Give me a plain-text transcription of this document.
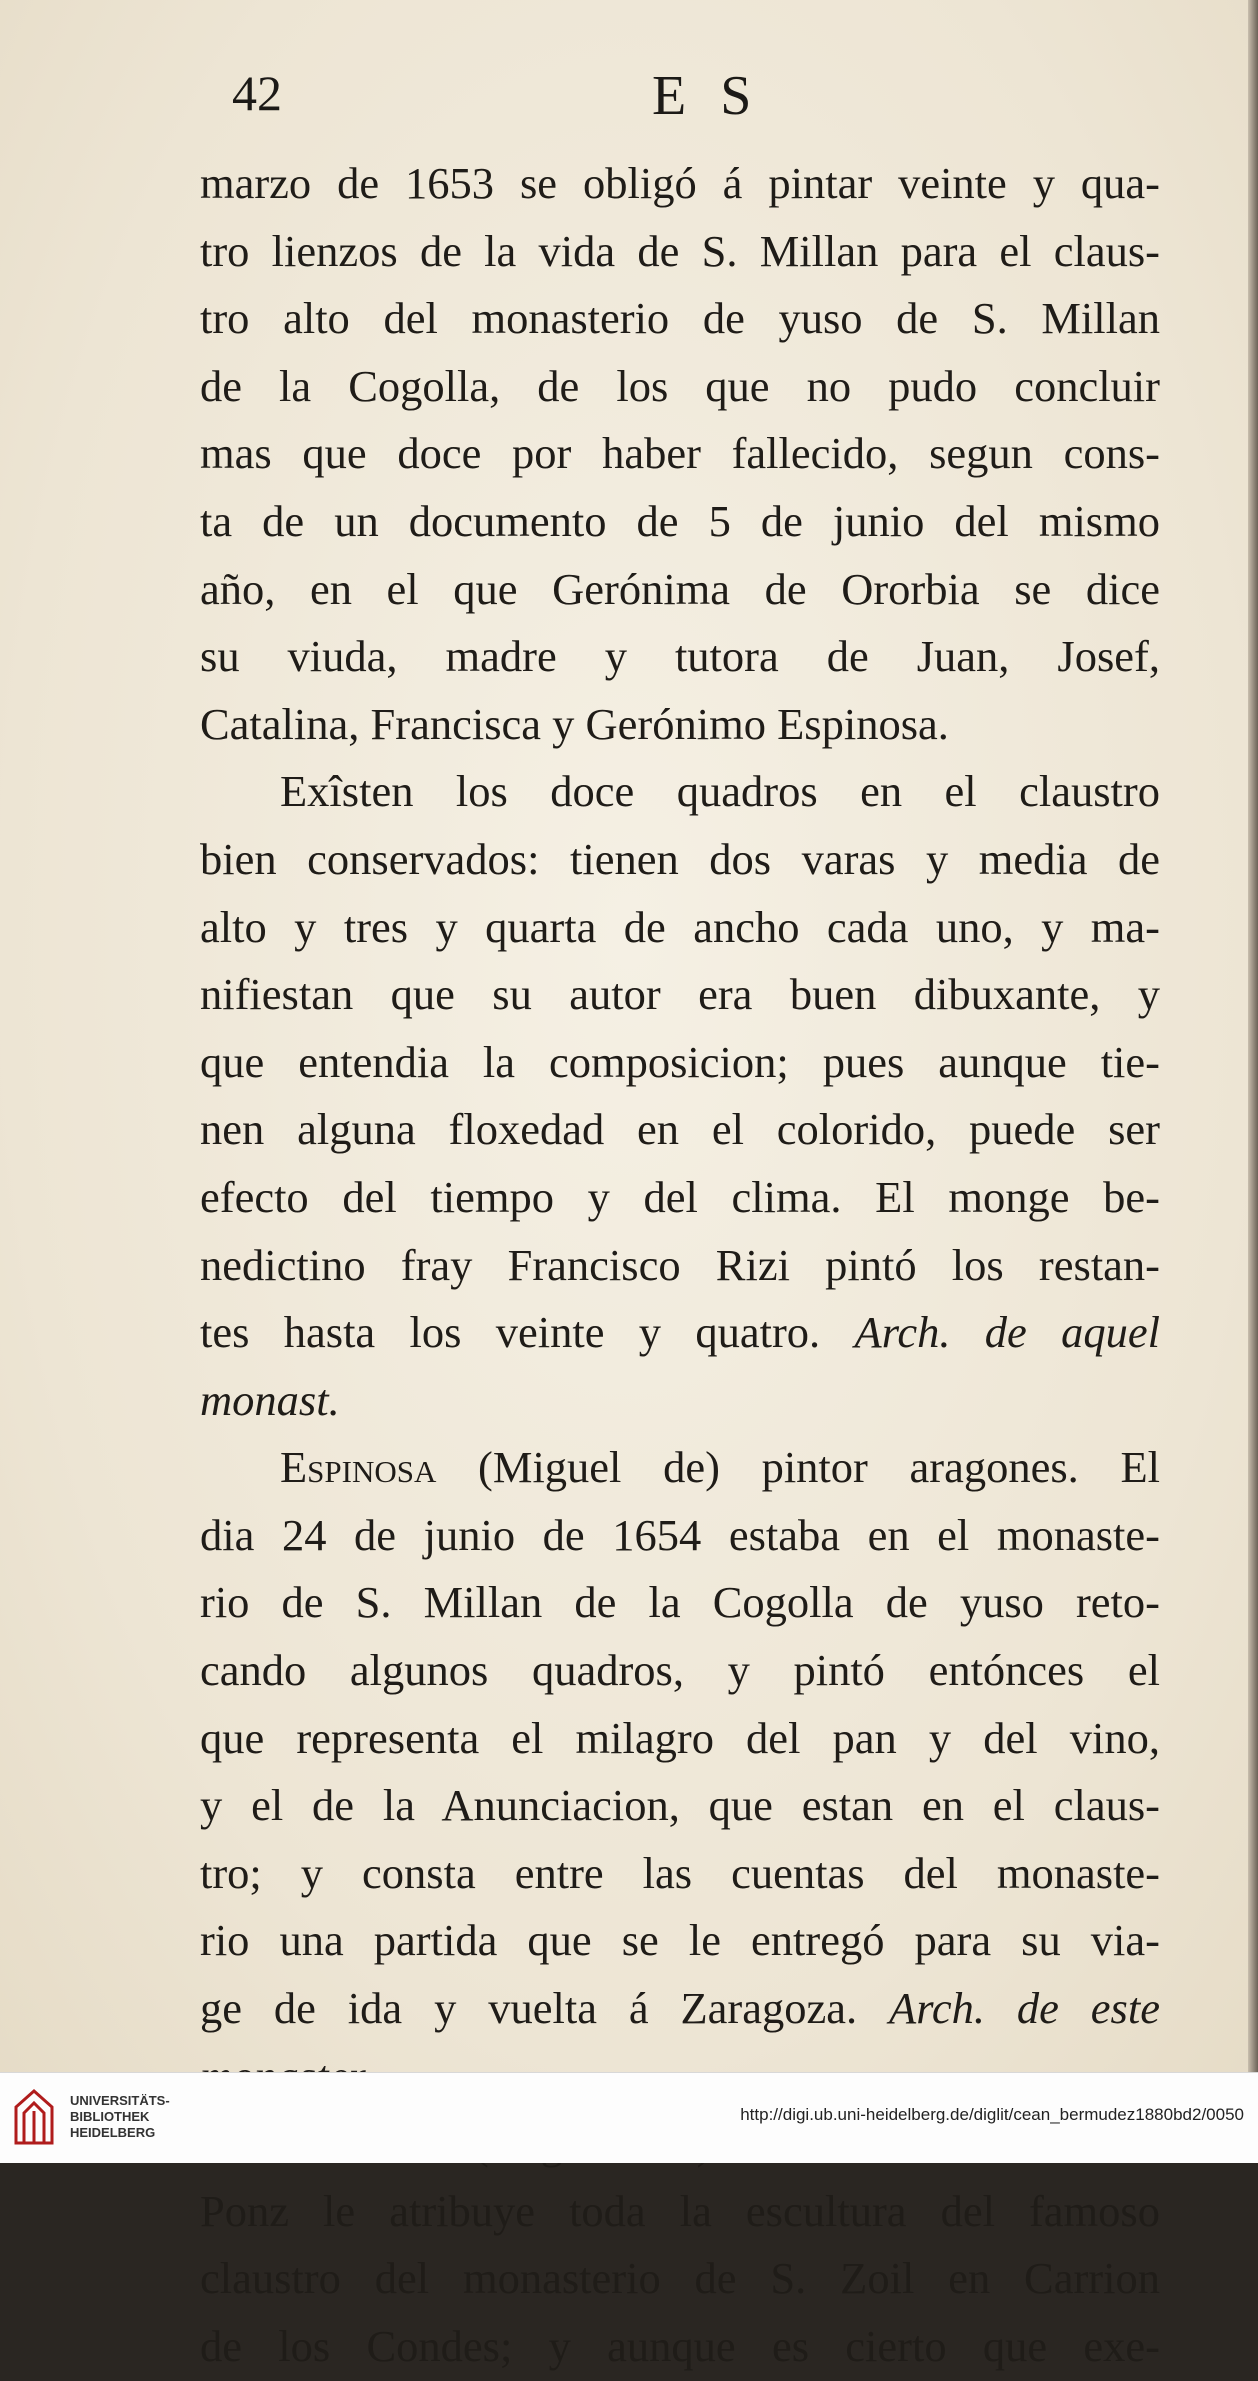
42	E S
marzo de 1653 se obligó á pintar veinte y qua-
tro lienzos de la vida de S. Millan para el claus-
tro alto del monasterio de yuso de S. Millan
de la Cogolla, de los que no pudo concluir
mas que doce por haber fallecido, segun cons-
ta de un documento de 5 de junio del mismo
año, en el que Gerónima de Ororbia se dice
su viuda, madre y tutora de Juan, Josef,
Catalina, Francisca y Gerónimo Espinosa.
Exîsten los doce quadros en el claustro
bien conservados: tienen dos varas y media de
alto y tres y quarta de ancho cada uno, y ma-
nifiestan que su autor era buen dibuxante, y
que entendia la composicion; pues aunque tie-
nen alguna floxedad en el colorido, puede ser
efecto del tiempo y del clima. El monge be-
nedictino fray Francisco Rizi pintó los restan-
tes hasta los veinte y quatro. Arch. de aquel
monast.
Espinosa (Miguel de) pintor aragones. El
dia 24 de junio de 1654 estaba en el monaste-
rio de S. Millan de la Cogolla de yuso reto-
cando algunos quadros, y pintó entónces el
que representa el milagro del pan y del vino,
y el de la Anunciacion, que estan en el claus-
tro; y consta entre las cuentas del monaste-
rio una partida que se le entregó para su via-
ge de ida y vuelta á Zaragoza. Arch. de este
Ponz le atribuye toda la escultura del famoso
claustro del monasterio de S. Zoil en Carrion
de los Condes; y aunque es cierto que exe-
UNIVERSITÄTS-
BIBLIOTHEK
HEIDELBERG
http://digi.ub.uni-heidelberg.de/diglit/cean_bermudez1880bd2/0050
